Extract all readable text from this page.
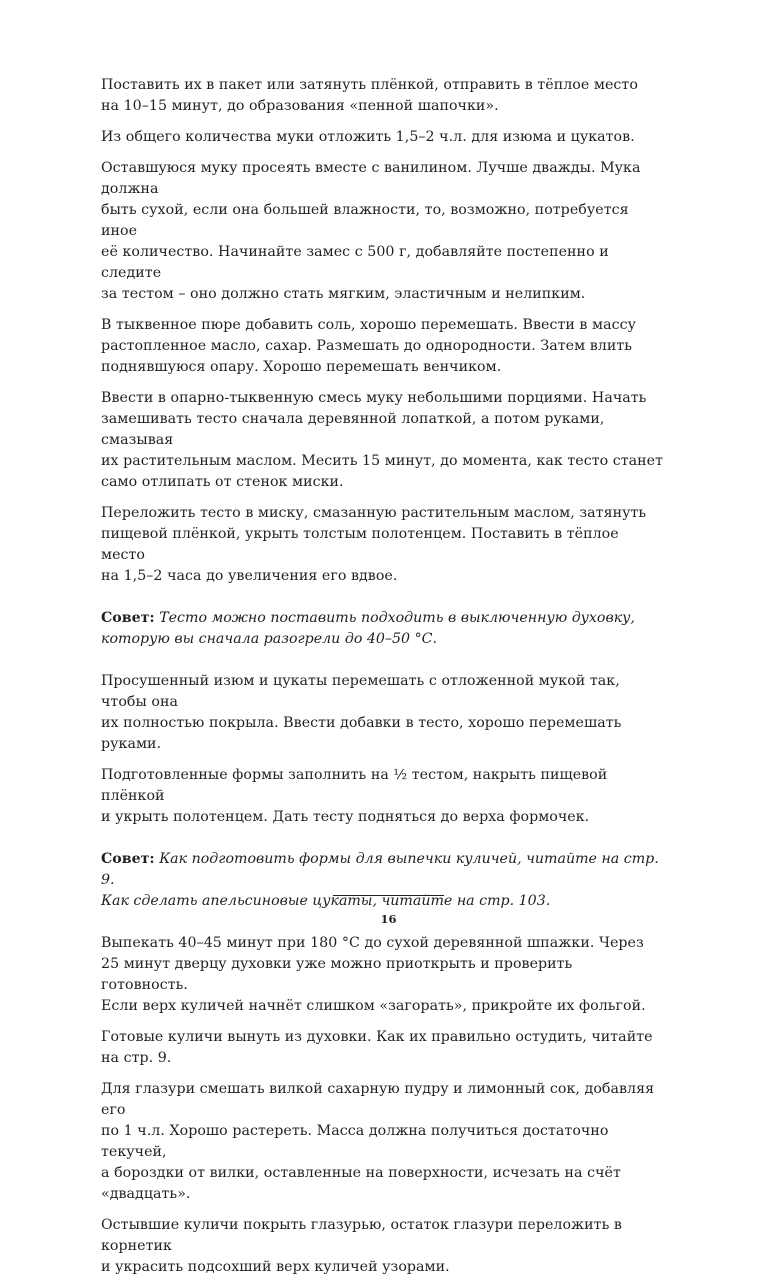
Поставить их в пакет или затянуть плёнкой, отправить в тёплое место
на 10–15 минут, до образования «пенной шапочки».

Из общего количества муки отложить 1,5–2 ч.л. для изюма и цукатов.

Оставшуюся муку просеять вместе с ванилином. Лучше дважды. Мука должна
быть сухой, если она большей влажности, то, возможно, потребуется иное
её количество. Начинайте замес с 500 г, добавляйте постепенно и следите
за тестом – оно должно стать мягким, эластичным и нелипким.

В тыквенное пюре добавить соль, хорошо перемешать. Ввести в массу
растопленное масло, сахар. Размешать до однородности. Затем влить
поднявшуюся опару. Хорошо перемешать венчиком.

Ввести в опарно-тыквенную смесь муку небольшими порциями. Начать
замешивать тесто сначала деревянной лопаткой, а потом руками, смазывая
их растительным маслом. Месить 15 минут, до момента, как тесто станет
само отлипать от стенок миски.

Переложить тесто в миску, смазанную растительным маслом, затянуть
пищевой плёнкой, укрыть толстым полотенцем. Поставить в тёплое место
на 1,5–2 часа до увеличения его вдвое.

Совет: Тесто можно поставить подходить в выключенную духовку,
которую вы сначала разогрели до 40–50 °С.

Просушенный изюм и цукаты перемешать с отложенной мукой так, чтобы она
их полностью покрыла. Ввести добавки в тесто, хорошо перемешать руками.

Подготовленные формы заполнить на ½ тестом, накрыть пищевой плёнкой
и укрыть полотенцем. Дать тесту подняться до верха формочек.

Совет: Как подготовить формы для выпечки куличей, читайте на стр. 9.
Как сделать апельсиновые цукаты, читайте на стр. 103.

Выпекать 40–45 минут при 180 °С до сухой деревянной шпажки. Через
25 минут дверцу духовки уже можно приоткрыть и проверить готовность.
Если верх куличей начнёт слишком «загорать», прикройте их фольгой.

Готовые куличи вынуть из духовки. Как их правильно остудить, читайте
на стр. 9.

Для глазури смешать вилкой сахарную пудру и лимонный сок, добавляя его
по 1 ч.л. Хорошо растереть. Масса должна получиться достаточно текучей,
а бороздки от вилки, оставленные на поверхности, исчезать на счёт «двадцать».

Остывшие куличи покрыть глазурью, остаток глазури переложить в корнетик
и украсить подсохший верх куличей узорами.

16
